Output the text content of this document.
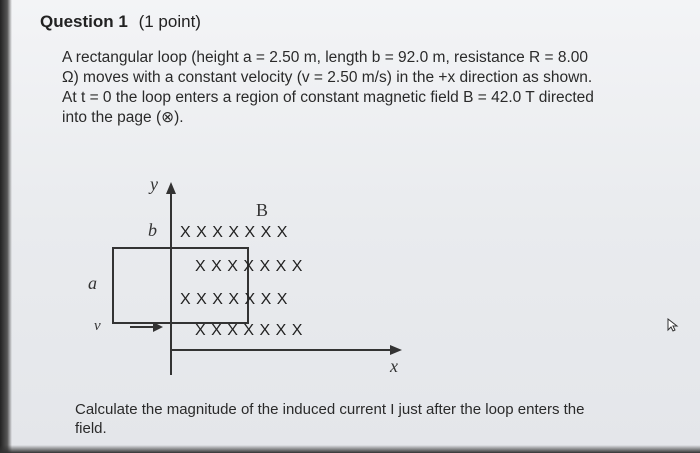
Question 1 (1 point)
A rectangular loop (height a = 2.50 m, length b = 92.0 m, resistance R = 8.00
Ω) moves with a constant velocity (v = 2.50 m/s) in the +x direction as shown.
At t = 0 the loop enters a region of constant magnetic field B = 42.0 T directed
into the page (⊗).
y
x
b
a
v
B
X X X X X X X
X X X X X X X
X X X X X X X
X X X X X X X
Calculate the magnitude of the induced current I just after the loop enters the
field.
